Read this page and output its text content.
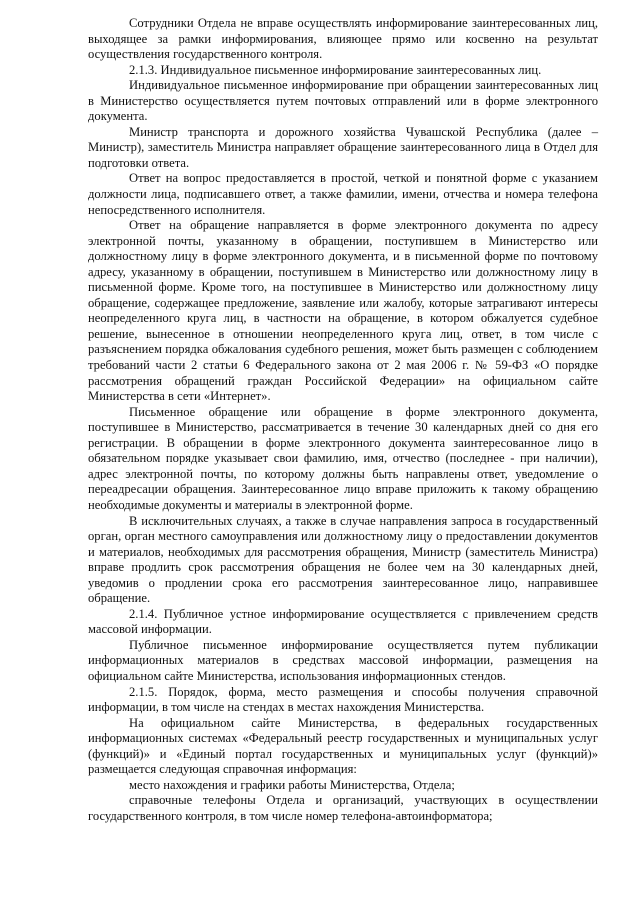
Сотрудники Отдела не вправе осуществлять информирование заинтересованных лиц, выходящее за рамки информирования, влияющее прямо или косвенно на результат осуществления государственного контроля.

2.1.3. Индивидуальное письменное информирование заинтересованных лиц.

Индивидуальное письменное информирование при обращении заинтересованных лиц в Министерство осуществляется путем почтовых отправлений или в форме электронного документа.

Министр транспорта и дорожного хозяйства Чувашской Республика (далее – Министр), заместитель Министра направляет обращение заинтересованного лица в Отдел для подготовки ответа.

Ответ на вопрос предоставляется в простой, четкой и понятной форме с указанием должности лица, подписавшего ответ, а также фамилии, имени, отчества и номера телефона непосредственного исполнителя.

Ответ на обращение направляется в форме электронного документа по адресу электронной почты, указанному в обращении, поступившем в Министерство или должностному лицу в форме электронного документа, и в письменной форме по почтовому адресу, указанному в обращении, поступившем в Министерство или должностному лицу в письменной форме. Кроме того, на поступившее в Министерство или должностному лицу обращение, содержащее предложение, заявление или жалобу, которые затрагивают интересы неопределенного круга лиц, в частности на обращение, в котором обжалуется судебное решение, вынесенное в отношении неопределенного круга лиц, ответ, в том числе с разъяснением порядка обжалования судебного решения, может быть размещен с соблюдением требований части 2 статьи 6 Федерального закона от 2 мая 2006 г. № 59-ФЗ «О порядке рассмотрения обращений граждан Российской Федерации» на официальном сайте Министерства в сети «Интернет».

Письменное обращение или обращение в форме электронного документа, поступившее в Министерство, рассматривается в течение 30 календарных дней со дня его регистрации. В обращении в форме электронного документа заинтересованное лицо в обязательном порядке указывает свои фамилию, имя, отчество (последнее - при наличии), адрес электронной почты, по которому должны быть направлены ответ, уведомление о переадресации обращения. Заинтересованное лицо вправе приложить к такому обращению необходимые документы и материалы в электронной форме.

В исключительных случаях, а также в случае направления запроса в государственный орган, орган местного самоуправления или должностному лицу о предоставлении документов и материалов, необходимых для рассмотрения обращения, Министр (заместитель Министра) вправе продлить срок рассмотрения обращения не более чем на 30 календарных дней, уведомив о продлении срока его рассмотрения заинтересованное лицо, направившее обращение.

2.1.4. Публичное устное информирование осуществляется с привлечением средств массовой информации.

Публичное письменное информирование осуществляется путем публикации информационных материалов в средствах массовой информации, размещения на официальном сайте Министерства, использования информационных стендов.

2.1.5. Порядок, форма, место размещения и способы получения справочной информации, в том числе на стендах в местах нахождения Министерства.

На официальном сайте Министерства, в федеральных государственных информационных системах «Федеральный реестр государственных и муниципальных услуг (функций)» и «Единый портал государственных и муниципальных услуг (функций)» размещается следующая справочная информация:

место нахождения и графики работы Министерства, Отдела;

справочные телефоны Отдела и организаций, участвующих в осуществлении государственного контроля, в том числе номер телефона-автоинформатора;
